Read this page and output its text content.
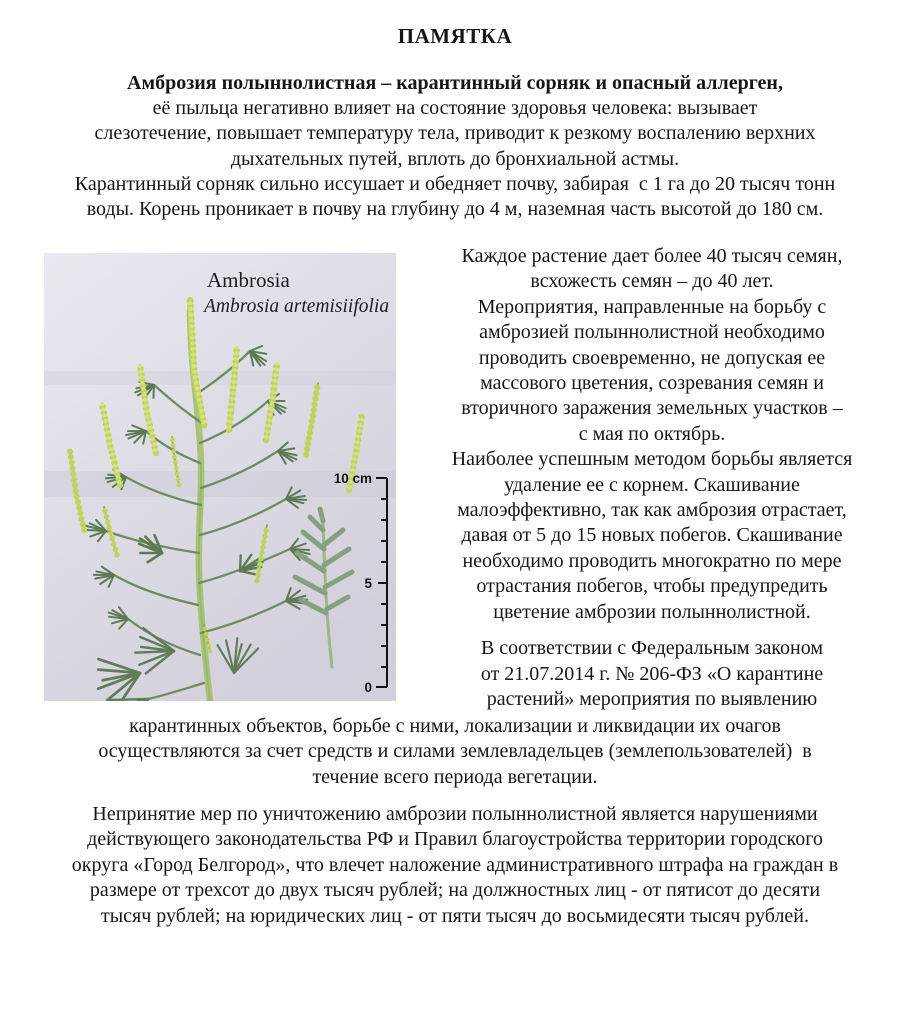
ПАМЯТКА
Амброзия полыннолистная – карантинный сорняк и опасный аллерген,
её пыльца негативно влияет на состояние здоровья человека: вызывает
слезотечение, повышает температуру тела, приводит к резкому воспалению верхних
дыхательных путей, вплоть до бронхиальной астмы.
Карантинный сорняк сильно иссушает и обедняет почву, забирая  с 1 га до 20 тысяч тонн
воды. Корень проникает в почву на глубину до 4 м, наземная часть высотой до 180 см.
Ambrosia
Ambrosia artemisiifolia
10 cm
5
0
Каждое растение дает более 40 тысяч семян,
всхожесть семян – до 40 лет.
Мероприятия, направленные на борьбу с
амброзией полыннолистной необходимо
проводить своевременно, не допуская ее
массового цветения, созревания семян и
вторичного заражения земельных участков –
с мая по октябрь.
Наиболее успешным методом борьбы является
удаление ее с корнем. Скашивание
малоэффективно, так как амброзия отрастает,
давая от 5 до 15 новых побегов. Скашивание
необходимо проводить многократно по мере
отрастания побегов, чтобы предупредить
цветение амброзии полыннолистной.
В соответствии с Федеральным законом
от 21.07.2014 г. № 206-ФЗ «О карантине
растений» мероприятия по выявлению
карантинных объектов, борьбе с ними, локализации и ликвидации их очагов
осуществляются за счет средств и силами землевладельцев (землепользователей)  в
течение всего периода вегетации.
Непринятие мер по уничтожению амброзии полыннолистной является нарушениями
действующего законодательства РФ и Правил благоустройства территории городского
округа «Город Белгород», что влечет наложение административного штрафа на граждан в
размере от трехсот до двух тысяч рублей; на должностных лиц - от пятисот до десяти
тысяч рублей; на юридических лиц - от пяти тысяч до восьмидесяти тысяч рублей.
